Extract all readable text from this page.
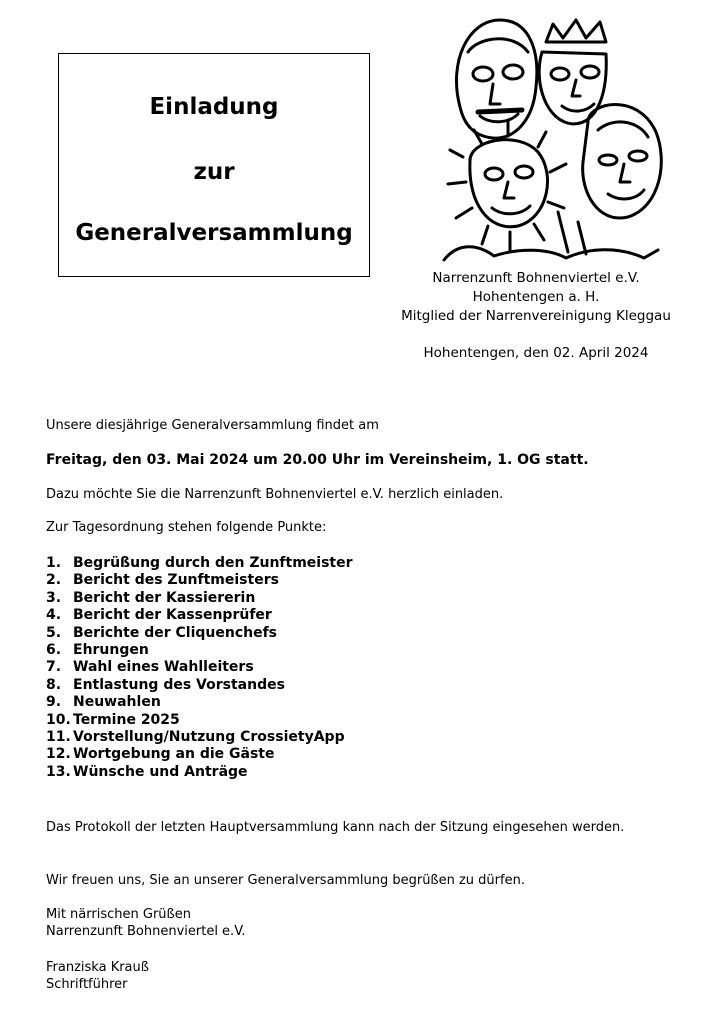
Einladung
zur
Generalversammlung
Narrenzunft Bohnenviertel e.V.
Hohentengen a. H.
Mitglied der Narrenvereinigung Kleggau
Hohentengen, den 02. April 2024
Unsere diesjährige Generalversammlung findet am
Freitag, den 03. Mai 2024 um 20.00 Uhr im Vereinsheim, 1. OG statt.
Dazu möchte Sie die Narrenzunft Bohnenviertel e.V. herzlich einladen.
Zur Tagesordnung stehen folgende Punkte:
1. Begrüßung durch den Zunftmeister
2. Bericht des Zunftmeisters
3. Bericht der Kassiererin
4. Bericht der Kassenprüfer
5. Berichte der Cliquenchefs
6. Ehrungen
7. Wahl eines Wahlleiters
8. Entlastung des Vorstandes
9. Neuwahlen
10. Termine 2025
11. Vorstellung/Nutzung CrossietyApp
12. Wortgebung an die Gäste
13. Wünsche und Anträge
Das Protokoll der letzten Hauptversammlung kann nach der Sitzung eingesehen werden.
Wir freuen uns, Sie an unserer Generalversammlung begrüßen zu dürfen.
Mit närrischen Grüßen
Narrenzunft Bohnenviertel e.V.
Franziska Krauß
Schriftführer
